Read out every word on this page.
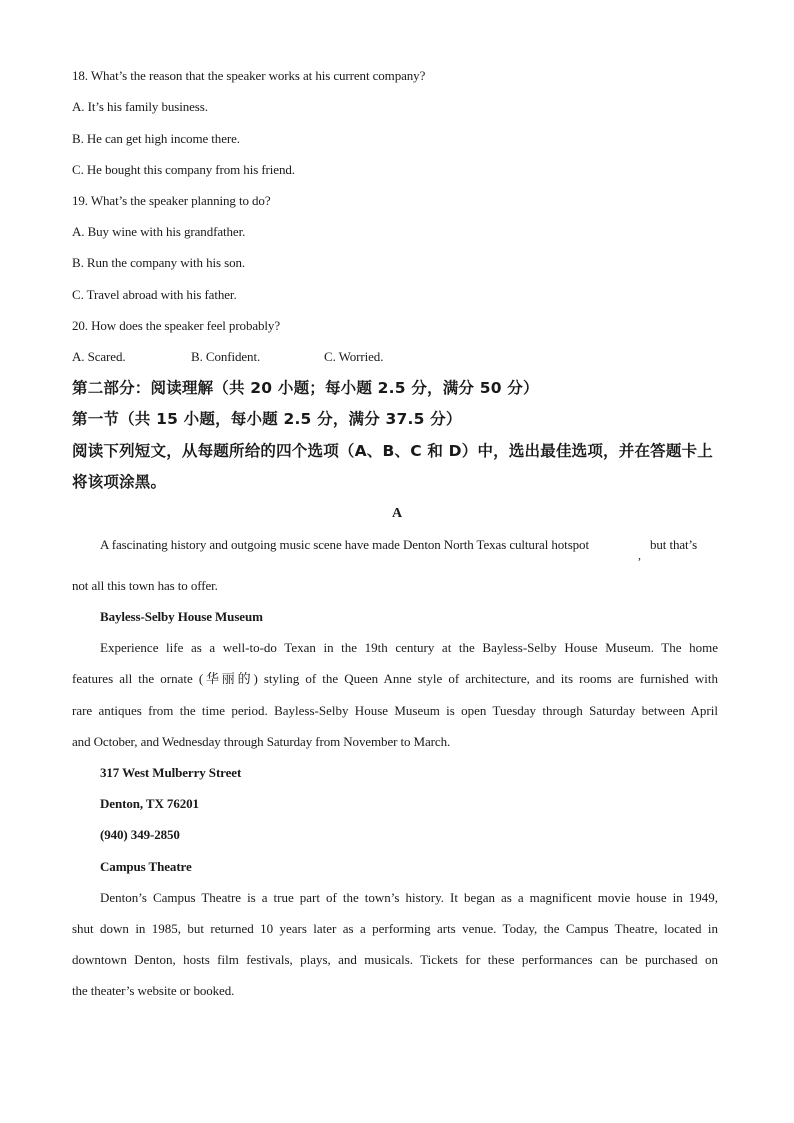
18. What’s the reason that the speaker works at his current company?
A. It’s his family business.
B. He can get high income there.
C. He bought this company from his friend.
19. What’s the speaker planning to do?
A. Buy wine with his grandfather.
B. Run the company with his son.
C. Travel abroad with his father.
20. How does the speaker feel probably?
A. Scared.	B. Confident.	C. Worried.
第二部分：阅读理解（共 20 小题；每小题 2.5 分，满分 50 分）
第一节（共 15 小题，每小题 2.5 分，满分 37.5 分）
阅读下列短文，从每题所给的四个选项（A、B、C 和 D）中，选出最佳选项，并在答题卡上
将该项涂黑。
A
A fascinating history and outgoing music scene have made Denton North Texas cultural hotspot
,
but that’s
not all this town has to offer.
Bayless-Selby House Museum
Experience life as a well-to-do Texan in the 19th century at the Bayless-Selby House Museum. The home
features all the ornate (华丽的) styling of the Queen Anne style of architecture, and its rooms are furnished with
rare antiques from the time period. Bayless-Selby House Museum is open Tuesday through Saturday between April
and October, and Wednesday through Saturday from November to March.
317 West Mulberry Street
Denton, TX 76201
(940) 349-2850
Campus Theatre
Denton’s Campus Theatre is a true part of the town’s history. It began as a magnificent movie house in 1949,
shut down in 1985, but returned 10 years later as a performing arts venue. Today, the Campus Theatre, located in
downtown Denton, hosts film festivals, plays, and musicals. Tickets for these performances can be purchased on
the theater’s website or booked.
